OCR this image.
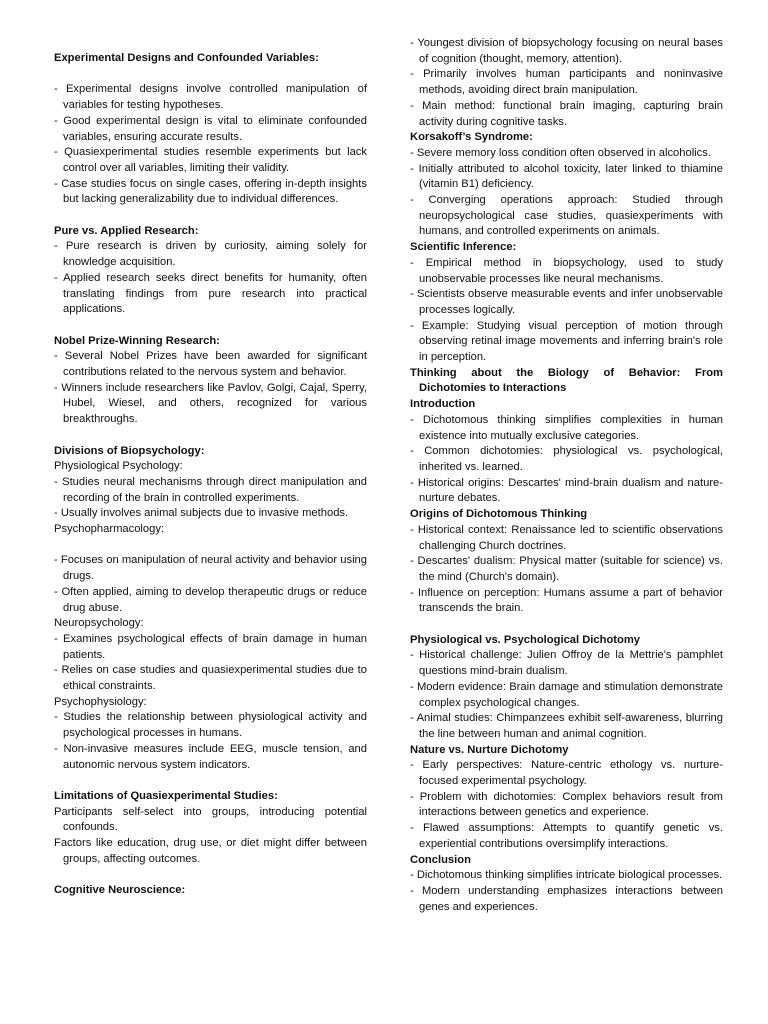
Experimental Designs and Confounded Variables:
- Experimental designs involve controlled manipulation of variables for testing hypotheses.
- Good experimental design is vital to eliminate confounded variables, ensuring accurate results.
- Quasiexperimental studies resemble experiments but lack control over all variables, limiting their validity.
- Case studies focus on single cases, offering in-depth insights but lacking generalizability due to individual differences.
Pure vs. Applied Research:
- Pure research is driven by curiosity, aiming solely for knowledge acquisition.
- Applied research seeks direct benefits for humanity, often translating findings from pure research into practical applications.
Nobel Prize-Winning Research:
- Several Nobel Prizes have been awarded for significant contributions related to the nervous system and behavior.
- Winners include researchers like Pavlov, Golgi, Cajal, Sperry, Hubel, Wiesel, and others, recognized for various breakthroughs.
Divisions of Biopsychology:
Physiological Psychology:
- Studies neural mechanisms through direct manipulation and recording of the brain in controlled experiments.
- Usually involves animal subjects due to invasive methods.
Psychopharmacology:
- Focuses on manipulation of neural activity and behavior using drugs.
- Often applied, aiming to develop therapeutic drugs or reduce drug abuse.
Neuropsychology:
- Examines psychological effects of brain damage in human patients.
- Relies on case studies and quasiexperimental studies due to ethical constraints.
Psychophysiology:
- Studies the relationship between physiological activity and psychological processes in humans.
- Non-invasive measures include EEG, muscle tension, and autonomic nervous system indicators.
Limitations of Quasiexperimental Studies:
Participants self-select into groups, introducing potential confounds.
Factors like education, drug use, or diet might differ between groups, affecting outcomes.
Cognitive Neuroscience:
- Youngest division of biopsychology focusing on neural bases of cognition (thought, memory, attention).
- Primarily involves human participants and noninvasive methods, avoiding direct brain manipulation.
- Main method: functional brain imaging, capturing brain activity during cognitive tasks.
Korsakoff’s Syndrome:
- Severe memory loss condition often observed in alcoholics.
- Initially attributed to alcohol toxicity, later linked to thiamine (vitamin B1) deficiency.
- Converging operations approach: Studied through neuropsychological case studies, quasiexperiments with humans, and controlled experiments on animals.
Scientific Inference:
- Empirical method in biopsychology, used to study unobservable processes like neural mechanisms.
- Scientists observe measurable events and infer unobservable processes logically.
- Example: Studying visual perception of motion through observing retinal image movements and inferring brain's role in perception.
Thinking about the Biology of Behavior: From Dichotomies to Interactions
Introduction
- Dichotomous thinking simplifies complexities in human existence into mutually exclusive categories.
- Common dichotomies: physiological vs. psychological, inherited vs. learned.
- Historical origins: Descartes' mind-brain dualism and nature-nurture debates.
Origins of Dichotomous Thinking
- Historical context: Renaissance led to scientific observations challenging Church doctrines.
- Descartes' dualism: Physical matter (suitable for science) vs. the mind (Church's domain).
- Influence on perception: Humans assume a part of behavior transcends the brain.
Physiological vs. Psychological Dichotomy
- Historical challenge: Julien Offroy de la Mettrie's pamphlet questions mind-brain dualism.
- Modern evidence: Brain damage and stimulation demonstrate complex psychological changes.
- Animal studies: Chimpanzees exhibit self-awareness, blurring the line between human and animal cognition.
Nature vs. Nurture Dichotomy
- Early perspectives: Nature-centric ethology vs. nurture-focused experimental psychology.
- Problem with dichotomies: Complex behaviors result from interactions between genetics and experience.
- Flawed assumptions: Attempts to quantify genetic vs. experiential contributions oversimplify interactions.
Conclusion
- Dichotomous thinking simplifies intricate biological processes.
- Modern understanding emphasizes interactions between genes and experiences.
